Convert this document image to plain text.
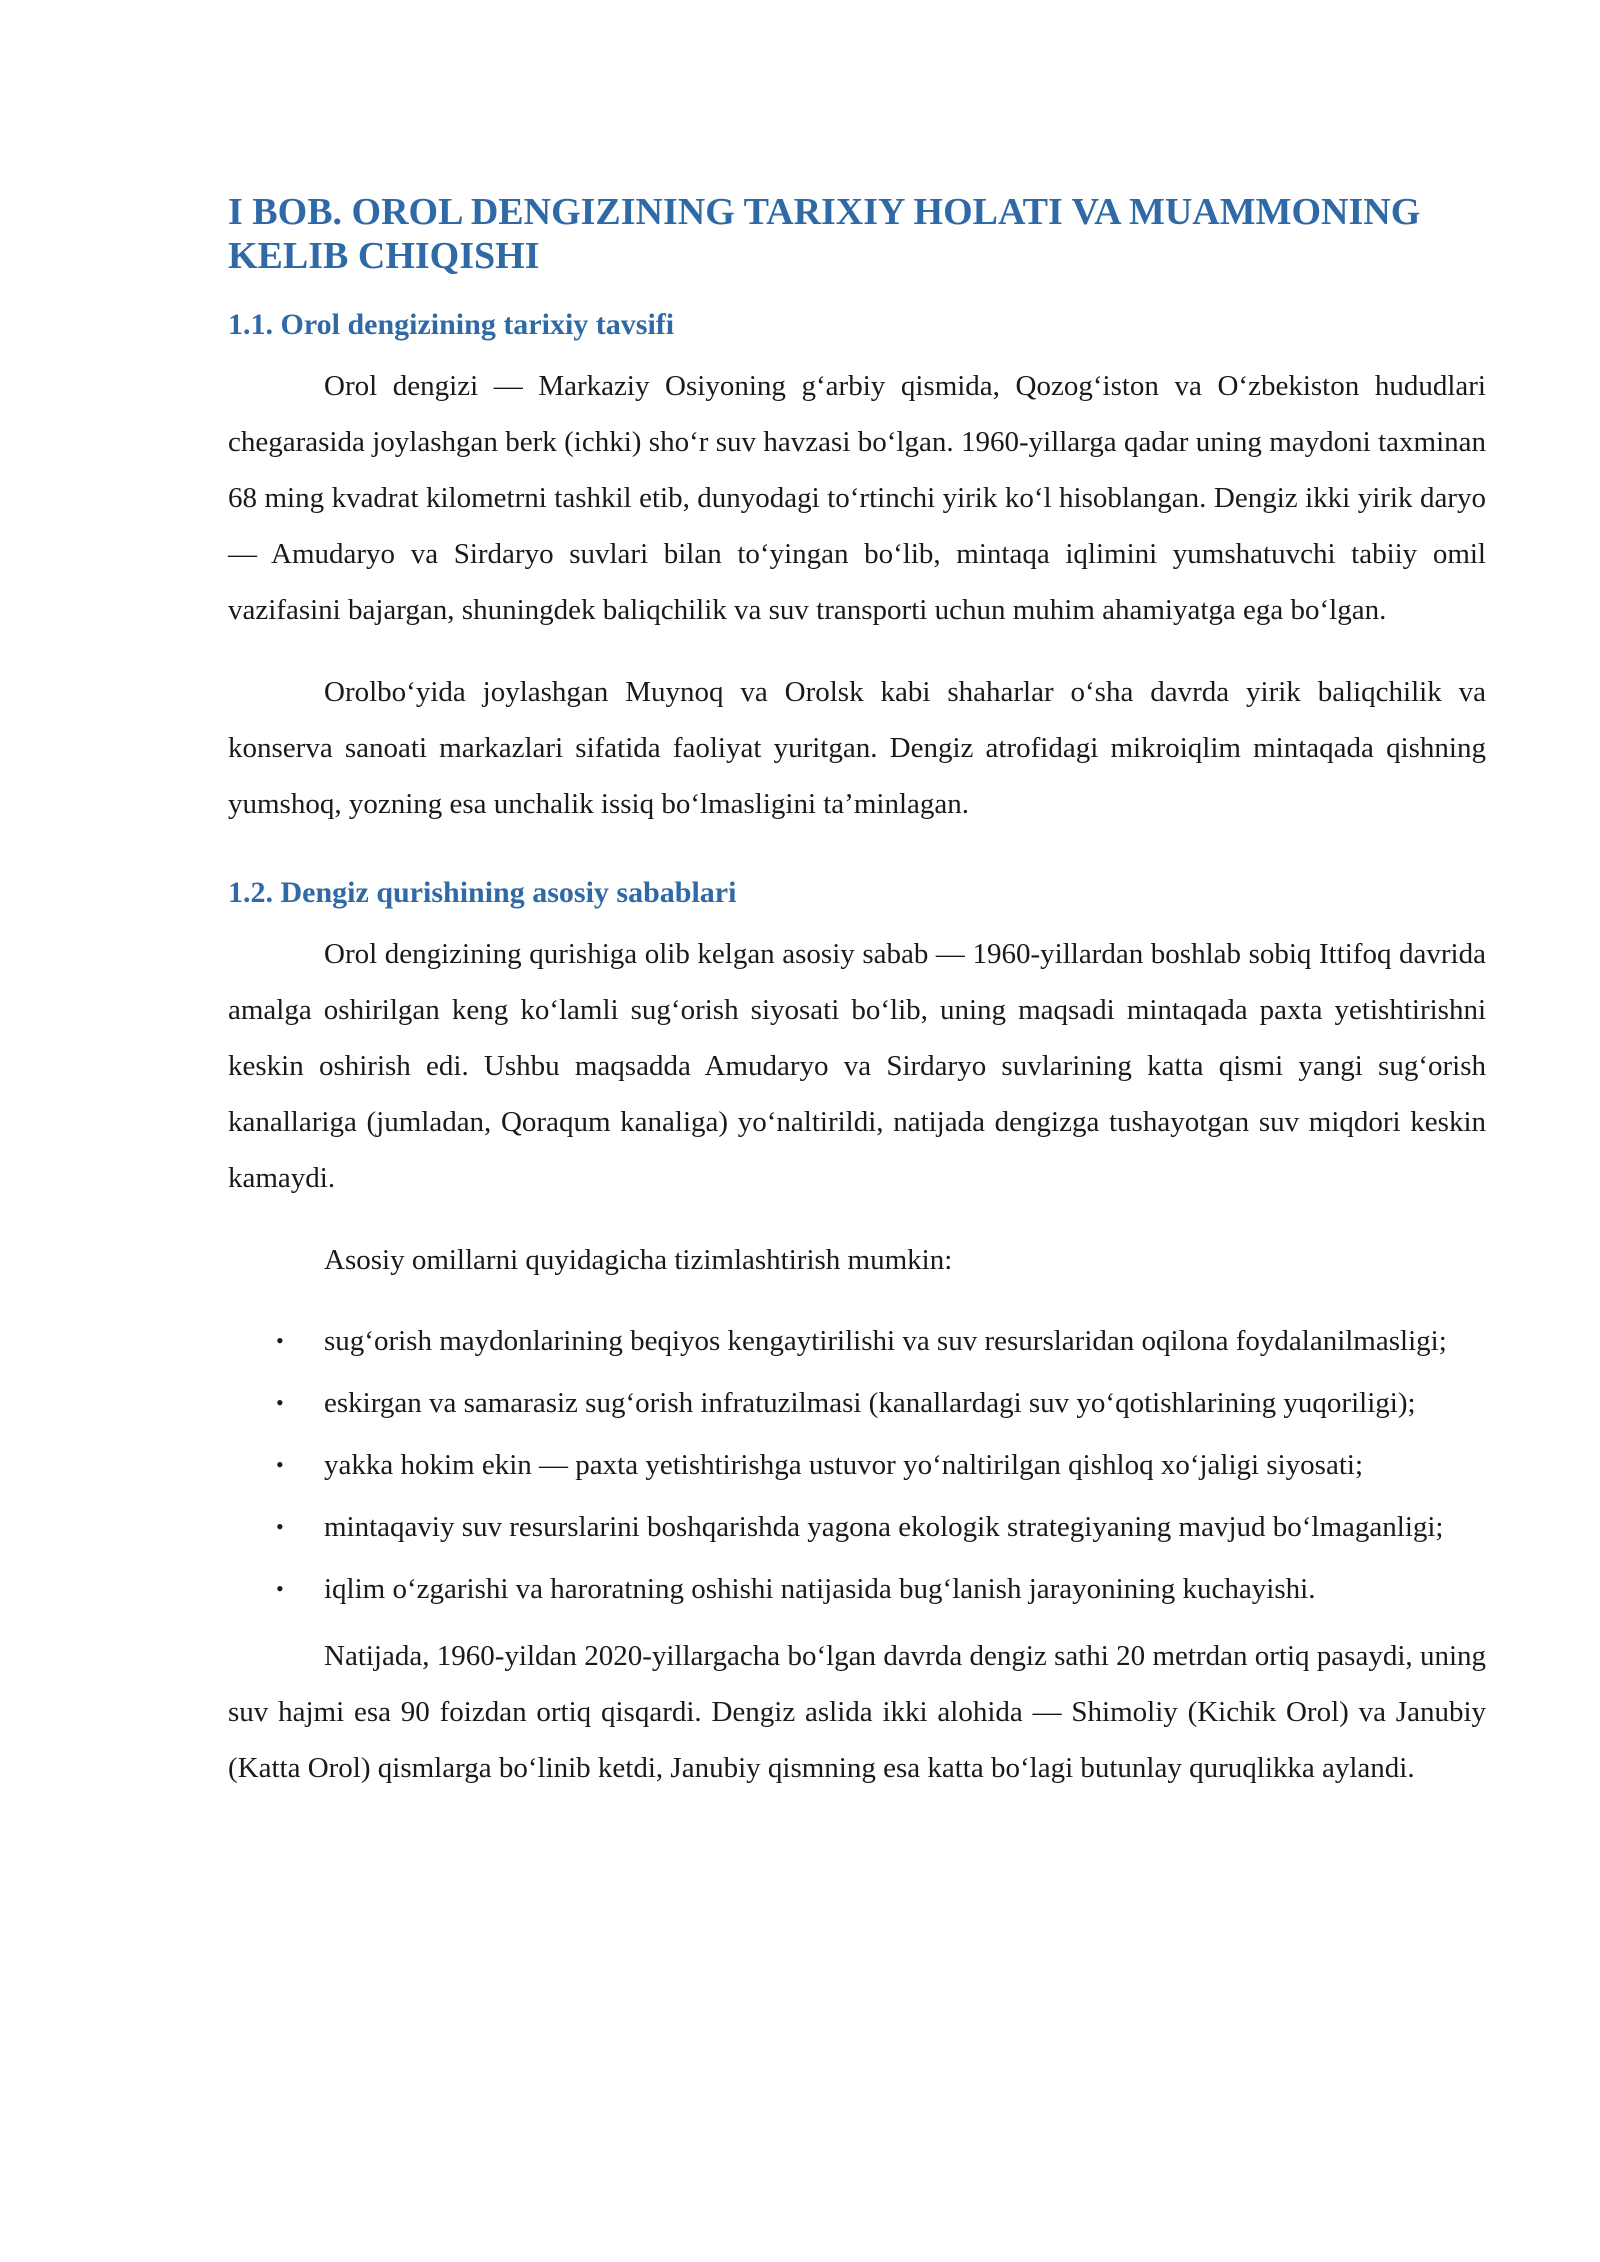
I BOB. OROL DENGIZINING TARIXIY HOLATI VA MUAMMONING KELIB CHIQISHI
1.1. Orol dengizining tarixiy tavsifi

Orol dengizi — Markaziy Osiyoning g‘arbiy qismida, Qozog‘iston va O‘zbekiston hududlari chegarasida joylashgan berk (ichki) sho‘r suv havzasi bo‘lgan. 1960-yillarga qadar uning maydoni taxminan 68 ming kvadrat kilometrni tashkil etib, dunyodagi to‘rtinchi yirik ko‘l hisoblangan. Dengiz ikki yirik daryo — Amudaryo va Sirdaryo suvlari bilan to‘yingan bo‘lib, mintaqa iqlimini yumshatuvchi tabiiy omil vazifasini bajargan, shuningdek baliqchilik va suv transporti uchun muhim ahamiyatga ega bo‘lgan.

Orolbo‘yida joylashgan Muynoq va Orolsk kabi shaharlar o‘sha davrda yirik baliqchilik va konserva sanoati markazlari sifatida faoliyat yuritgan. Dengiz atrofidagi mikroiqlim mintaqada qishning yumshoq, yozning esa unchalik issiq bo‘lmasligini ta’minlagan.

1.2. Dengiz qurishining asosiy sabablari

Orol dengizining qurishiga olib kelgan asosiy sabab — 1960-yillardan boshlab sobiq Ittifoq davrida amalga oshirilgan keng ko‘lamli sug‘orish siyosati bo‘lib, uning maqsadi mintaqada paxta yetishtirishni keskin oshirish edi. Ushbu maqsadda Amudaryo va Sirdaryo suvlarining katta qismi yangi sug‘orish kanallariga (jumladan, Qoraqum kanaliga) yo‘naltirildi, natijada dengizga tushayotgan suv miqdori keskin kamaydi.

Asosiy omillarni quyidagicha tizimlashtirish mumkin:

• sug‘orish maydonlarining beqiyos kengaytirilishi va suv resurslaridan oqilona foydalanilmasligi;
• eskirgan va samarasiz sug‘orish infratuzilmasi (kanallardagi suv yo‘qotishlarining yuqoriligi);
• yakka hokim ekin — paxta yetishtirishga ustuvor yo‘naltirilgan qishloq xo‘jaligi siyosati;
• mintaqaviy suv resurslarini boshqarishda yagona ekologik strategiyaning mavjud bo‘lmaganligi;
• iqlim o‘zgarishi va haroratning oshishi natijasida bug‘lanish jarayonining kuchayishi.

Natijada, 1960-yildan 2020-yillargacha bo‘lgan davrda dengiz sathi 20 metrdan ortiq pasaydi, uning suv hajmi esa 90 foizdan ortiq qisqardi. Dengiz aslida ikki alohida — Shimoliy (Kichik Orol) va Janubiy (Katta Orol) qismlarga bo‘linib ketdi, Janubiy qismning esa katta bo‘lagi butunlay quruqlikka aylandi.
